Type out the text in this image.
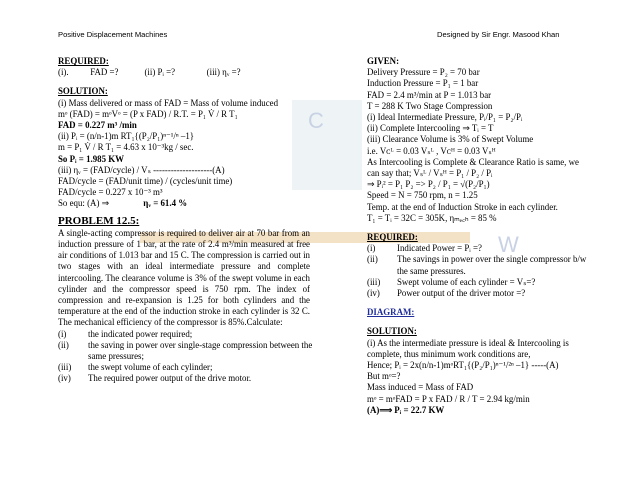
C
W
Positive Displacement Machines	Designed by Sir Engr. Masood Khan
REQUIRED:
(i). FAD =?	(ii) Pᵢ =?	(iii) ηᵥ =?
SOLUTION:
(i) Mass delivered or mass of FAD = Mass of volume induced
mᵒ (FAD) = mᵒVᵒ = (P x FAD) / R.T. = P₁ V̇ / R T₁
FAD = 0.227 m³ /min
(ii) Pᵢ = (n/n-1)m RT₁{(P₂/P₁)ⁿ⁻¹/ⁿ –1}
m = P₁ V̇ / R T₁ = 4.63 x 10⁻³kg / sec.
So Pᵢ = 1.985 KW
(iii) ηᵥ = (FAD/cycle) / Vₛ --------------------(A)
FAD/cycle = (FAD/unit time) / (cycles/unit time)
FAD/cycle = 0.227 x 10⁻³ m³
So equ: (A) ⇒	ηᵥ = 61.4 %
PROBLEM 12.5:
A single-acting compressor is required to deliver air at 70 bar from an induction pressure of 1 bar, at the rate of 2.4 m³/min measured at free air conditions of 1.013 bar and 15 C. The compression is carried out in two stages with an ideal intermediate pressure and complete intercooling. The clearance volume is 3% of the swept volume in each cylinder and the compressor speed is 750 rpm. The index of compression and re-expansion is 1.25 for both cylinders and the temperature at the end of the induction stroke in each cylinder is 32 C. The mechanical efficiency of the compressor is 85%.Calculate:
(i)	the indicated power required;
(ii)	the saving in power over single-stage compression between the same pressures;
(iii)	the swept volume of each cylinder;
(iv)	The required power output of the drive motor.
GIVEN:
Delivery Pressure = P₂ = 70 bar
Induction Pressure = P₁ = 1 bar
FAD = 2.4 m³/min at P = 1.013 bar
T = 288 K Two Stage Compression
(i) Ideal Intermediate Pressure, Pᵢ/P₁ = P₂/Pᵢ
(ii) Complete Intercooling ⇒ Tᵢ = T
(iii) Clearance Volume is 3% of Swept Volume
i.e. Vᴄᴸ = 0.03 Vₛᴸ , Vᴄᴴ = 0.03 Vₛᴴ
As Intercooling is Complete & Clearance Ratio is same, we
can say that; Vₛᴸ / Vₛᴴ = P₁ / P₂ / Pᵢ
⇒ Pᵢ² = P₁ P₂ => P₂ / P₁ = √(P₂/P₁)
Speed = N = 750 rpm, n = 1.25
Temp. at the end of Induction Stroke in each cylinder.
T₁ = Tᵢ = 32C = 305K, ηₘₑ꜀ₕ = 85 %
REQUIRED:
(i)	Indicated Power = Pᵢ =?
(ii)	The savings in power over the single compressor b/w the same pressures.
(iii)	Swept volume of each cylinder = Vₛ=?
(iv)	Power output of the driver motor =?
DIAGRAM:
SOLUTION:
(i) As the intermediate pressure is ideal & Intercooling is
complete, thus minimum work conditions are,
Hence; Pᵢ = 2x(n/n-1)mᵒRT₁{(P₂/P₁)ⁿ⁻¹/²ⁿ –1} -----(A)
But mᵒ=?
Mass induced = Mass of FAD
mᵒ = mᵒFAD = P x FAD / R / T = 2.94 kg/min
(A)⟹ Pᵢ = 22.7 KW
